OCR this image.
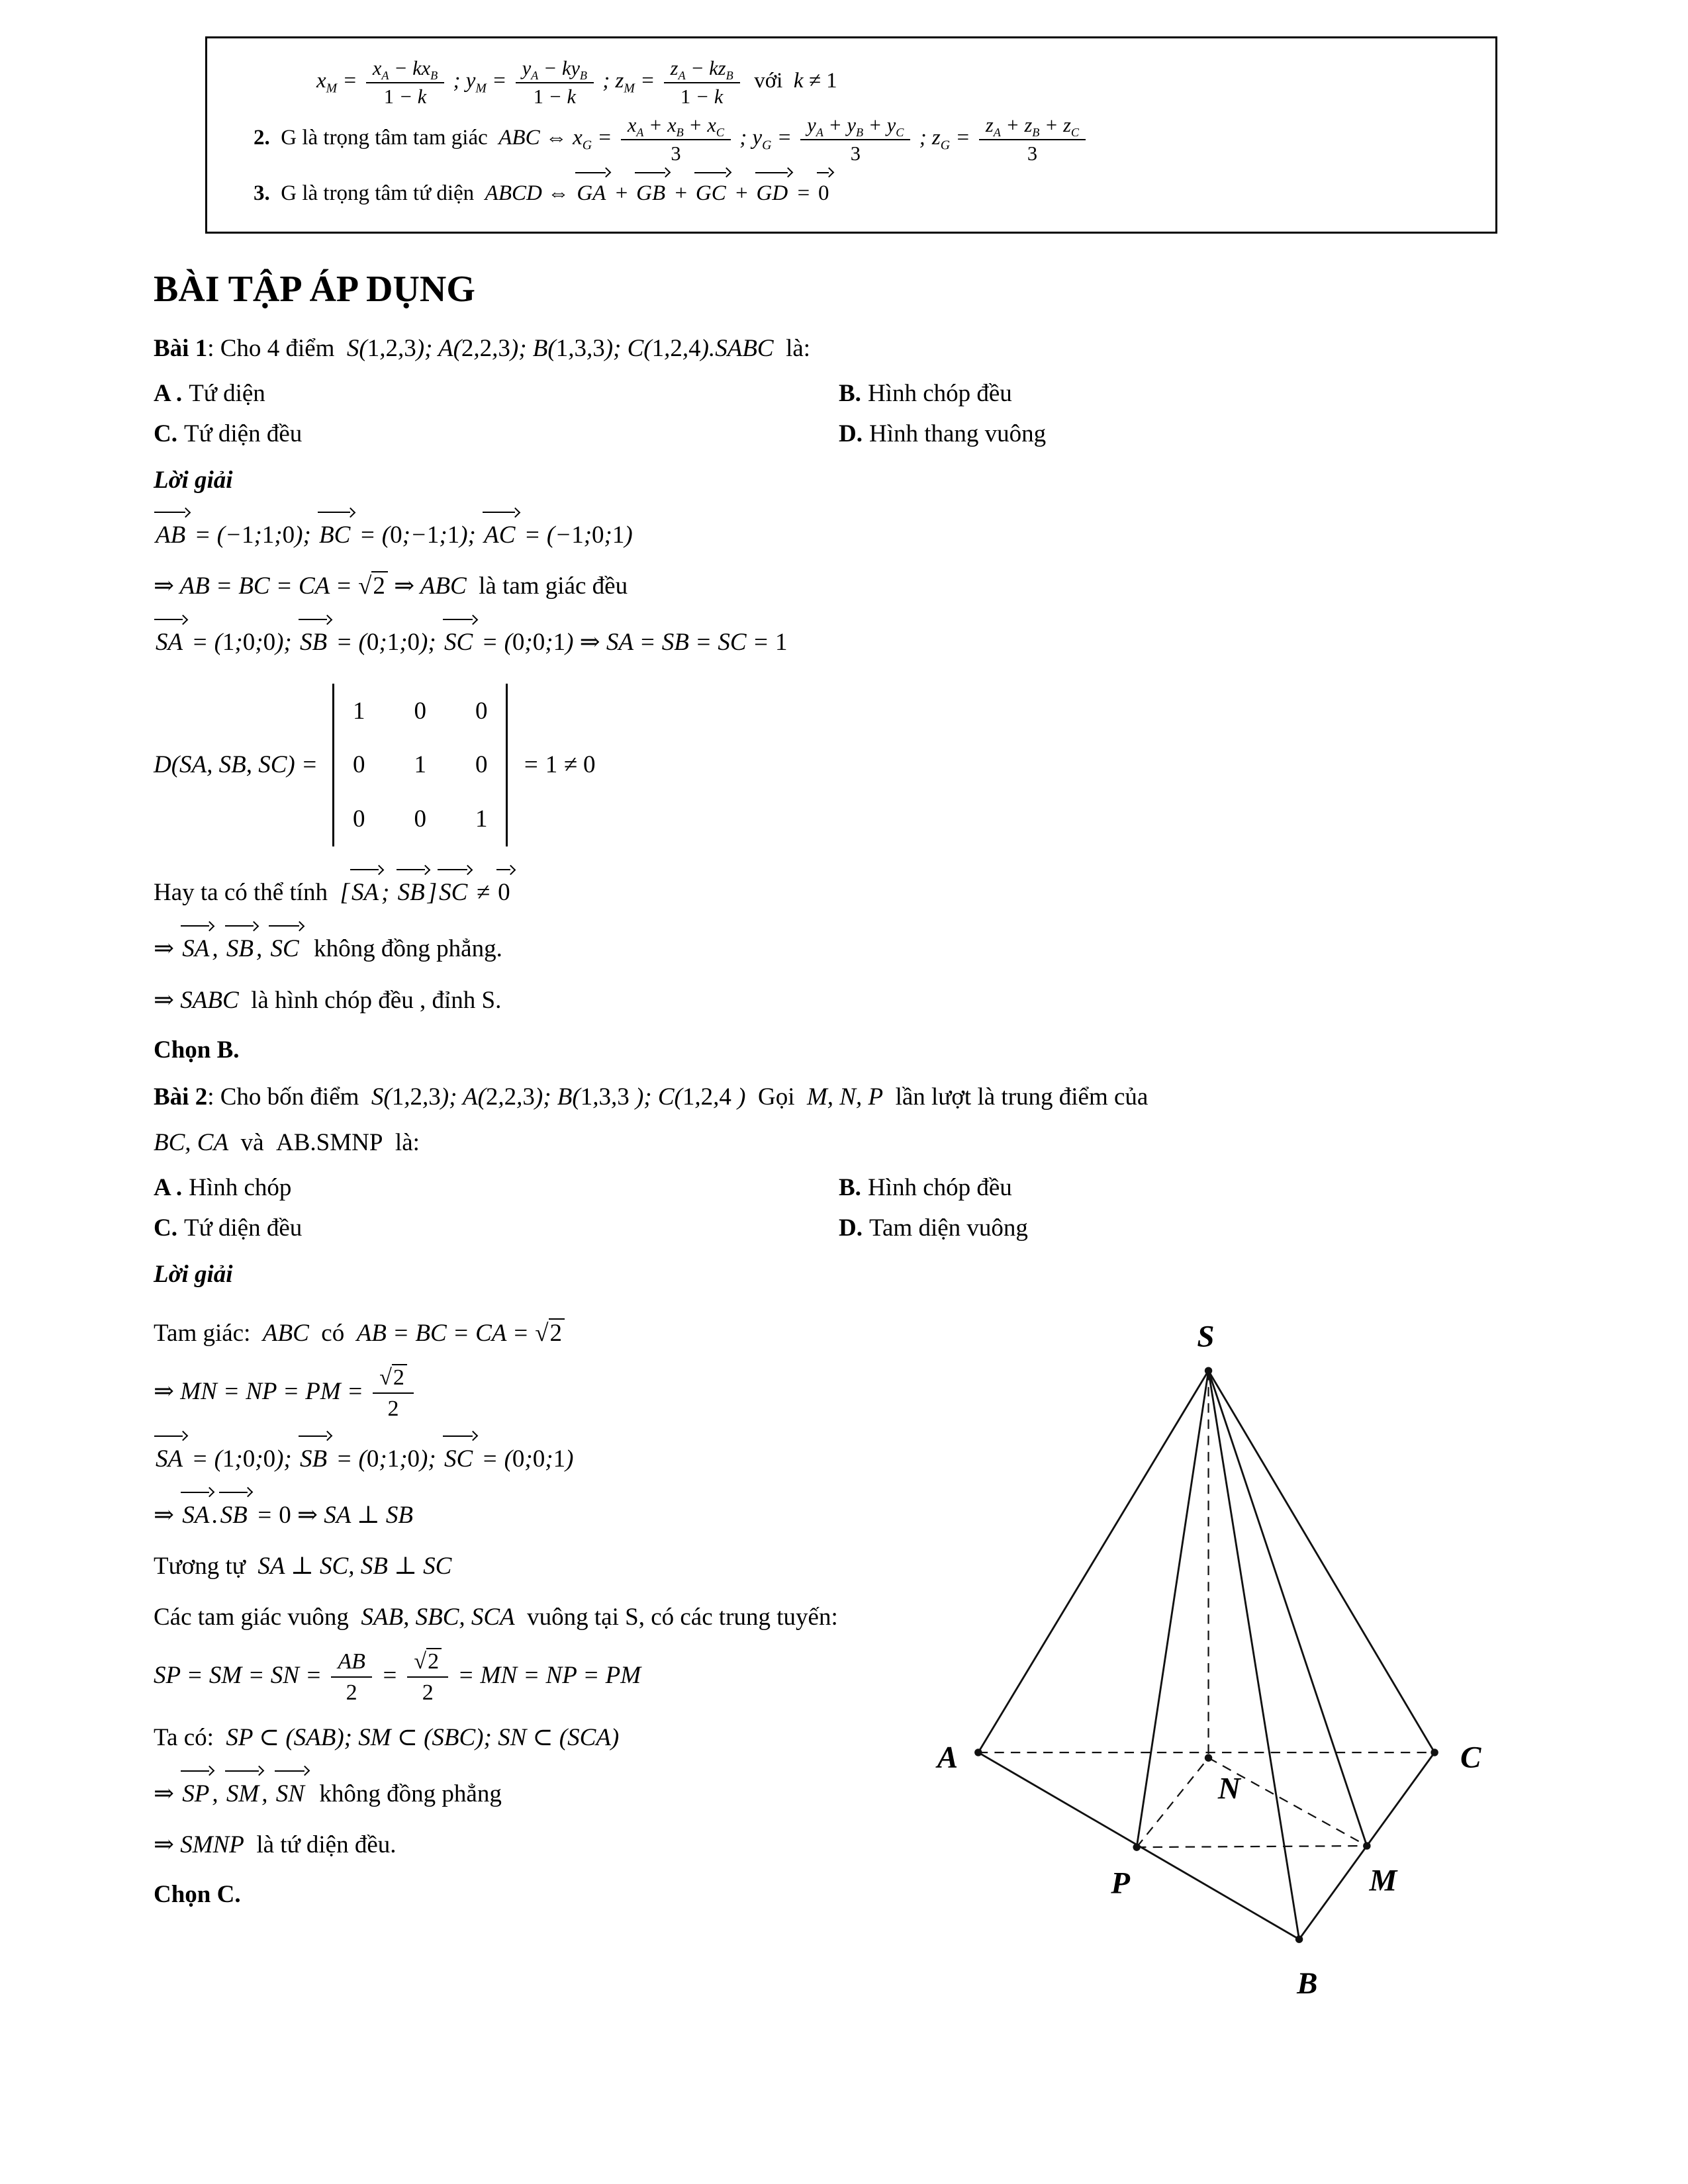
$x_M = \frac{x_A - kx_B}{1 - k}$ ; $y_M = \frac{y_A - ky_B}{1 - k}$ ; $z_M = \frac{z_A - kz_B}{1 - k}$ với  k ≠ 1

2.  G là trọng tâm tam giác  ABC ⇔ $x_G = \frac{x_A + x_B + x_C}{3}$ ; $y_G = \frac{y_A + y_B + y_C}{3}$ ; $z_G = \frac{z_A + z_B + z_C}{3}$

3.  G là trọng tâm tứ diện  ABCD ⇔ GA + GB + GC + GD = 0

BÀI TẬP ÁP DỤNG

Bài 1: Cho 4 điểm  S(1,2,3); A(2,2,3); B(1,3,3); C(1,2,4).SABC  là:

A . Tứ diện	B. Hình chóp đều
C. Tứ diện đều	D. Hình thang vuông

Lời giải

AB = (−1;1;0); BC = (0;−1;1); AC = (−1;0;1)

⇒ AB = BC = CA = √2 ⇒ ABC  là tam giác đều

SA = (1;0;0); SB = (0;1;0); SC = (0;0;1) ⇒ SA = SB = SC = 1

D(SA, SB, SC) =
1 0 0
0 1 0
0 0 1
= 1 ≠ 0

Hay ta có thể tính  [SA ; SB ]SC ≠ 0

⇒ SA , SB , SC  không đồng phẳng.

⇒ SABC  là hình chóp đều , đỉnh S.

Chọn B.

Bài 2: Cho bốn điểm  S(1,2,3); A(2,2,3); B(1,3,3 ); C(1,2,4 )  Gọi  M, N, P  lần lượt là trung điểm của

BC, CA  và  AB.SMNP  là:

A . Hình chóp	B. Hình chóp đều
C. Tứ diện đều	D. Tam diện vuông

Lời giải

Tam giác:  ABC  có  AB = BC = CA = √2

⇒ MN = NP = PM = $\frac{√2}{2}$

SA = (1;0;0); SB = (0;1;0); SC = (0;0;1)

⇒ SA .SB = 0 ⇒ SA ⊥ SB

Tương tự  SA ⊥ SC, SB ⊥ SC

Các tam giác vuông  SAB, SBC, SCA  vuông tại S, có các trung tuyến:

SP = SM = SN = $\frac{AB}{2} = \frac{√2}{2}$ = MN = NP = PM

Ta có:  SP ⊂ (SAB); SM ⊂ (SBC); SN ⊂ (SCA)

⇒ SP , SM , SN  không đồng phẳng

⇒ SMNP  là tứ diện đều.

Chọn C.

S
A	C
B
N
P	M
